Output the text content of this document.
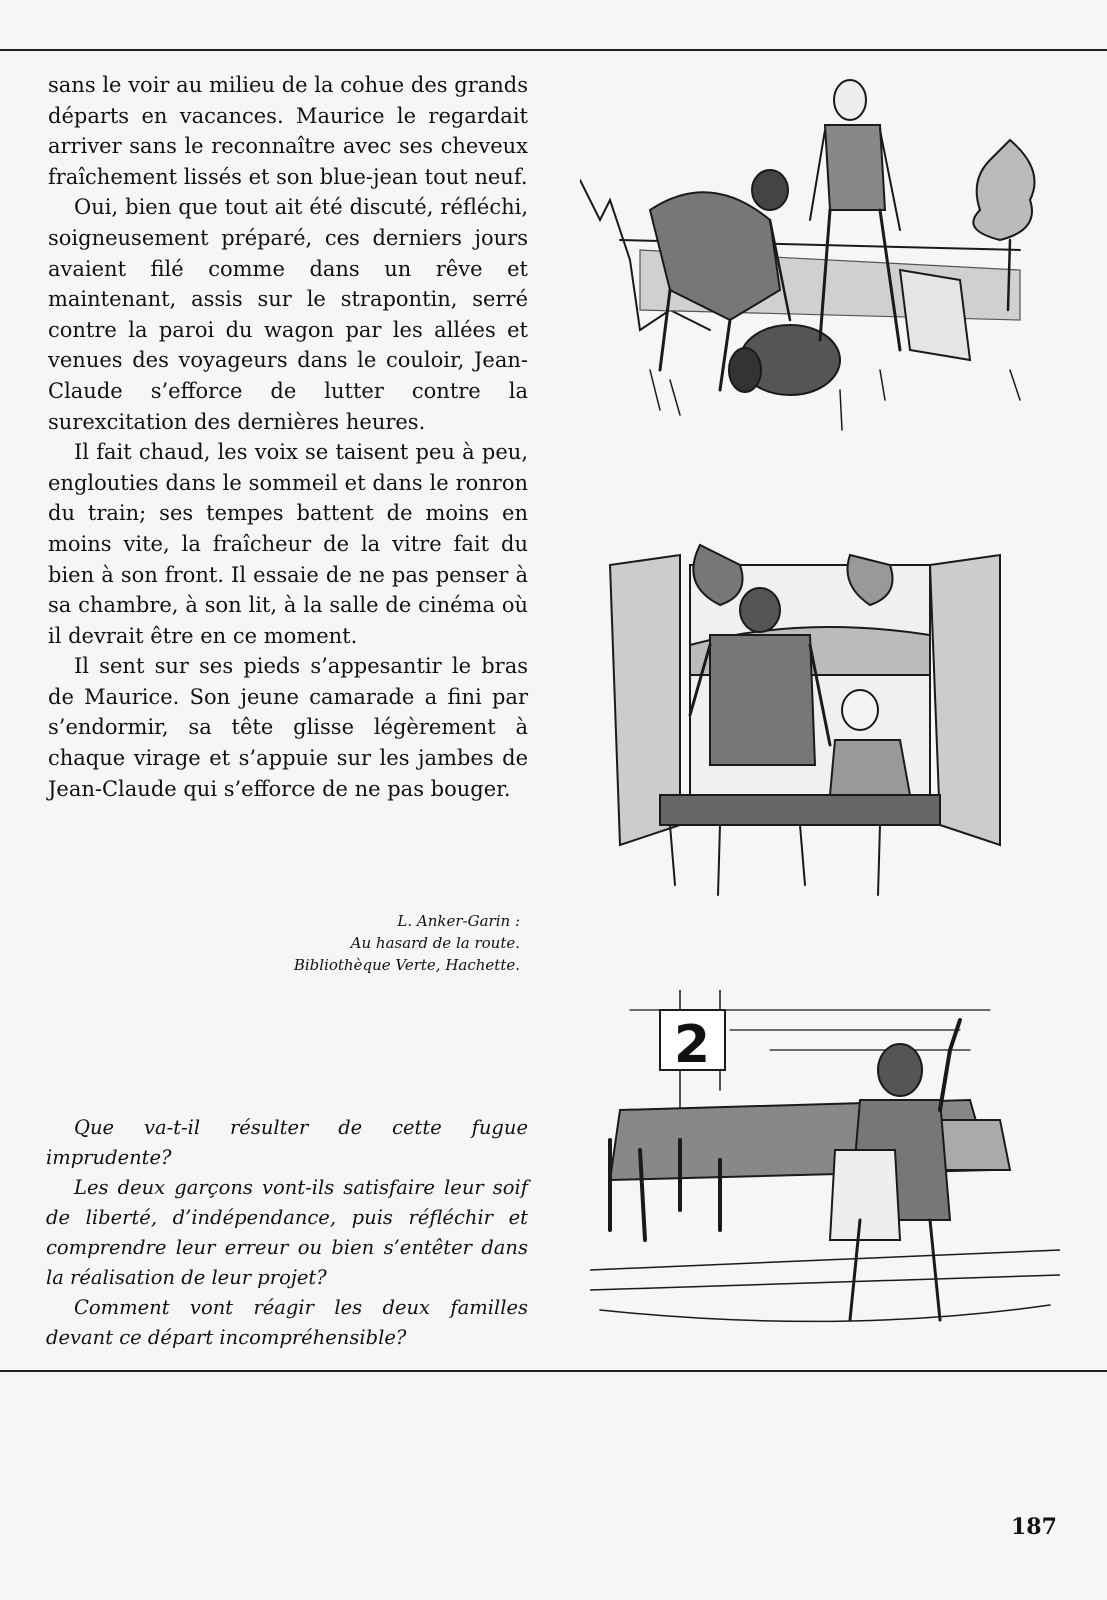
sans le voir au milieu de la cohue des grands départs en vacances. Maurice le regardait arriver sans le reconnaître avec ses cheveux fraîchement lissés et son blue-jean tout neuf.

Oui, bien que tout ait été discuté, réfléchi, soigneusement préparé, ces derniers jours avaient filé comme dans un rêve et maintenant, assis sur le strapontin, serré contre la paroi du wagon par les allées et venues des voyageurs dans le couloir, Jean-Claude s’efforce de lutter contre la surexcitation des dernières heures.

Il fait chaud, les voix se taisent peu à peu, englouties dans le sommeil et dans le ronron du train; ses tempes battent de moins en moins vite, la fraîcheur de la vitre fait du bien à son front. Il essaie de ne pas penser à sa chambre, à son lit, à la salle de cinéma où il devrait être en ce moment.

Il sent sur ses pieds s’appesantir le bras de Maurice. Son jeune camarade a fini par s’endormir, sa tête glisse légèrement à chaque virage et s’appuie sur les jambes de Jean-Claude qui s’efforce de ne pas bouger.

L. Anker-Garin :
Au hasard de la route.
Bibliothèque Verte, Hachette.

Que va-t-il résulter de cette fugue imprudente?

Les deux garçons vont-ils satisfaire leur soif de liberté, d’indépendance, puis réfléchir et comprendre leur erreur ou bien s’entêter dans la réalisation de leur projet?

Comment vont réagir les deux familles devant ce départ incompréhensible?

2
187
